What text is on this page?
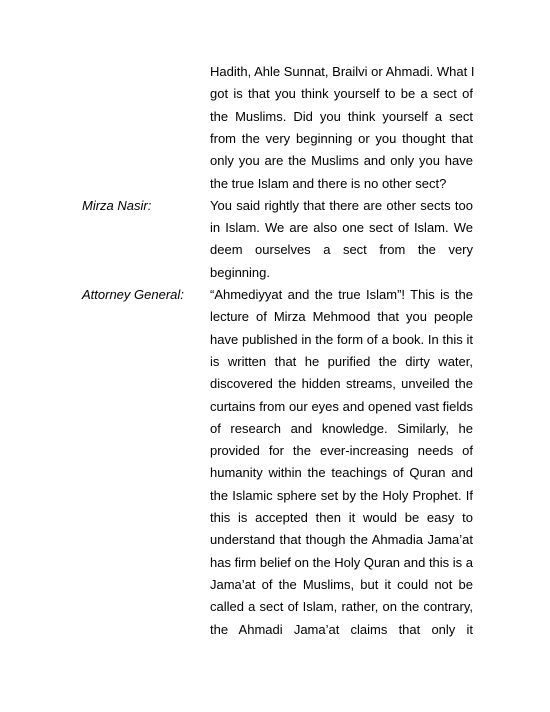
Hadith, Ahle Sunnat, Brailvi or Ahmadi. What I
got is that you think yourself to be a sect of
the Muslims. Did you think yourself a sect
from the very beginning or you thought that
only you are the Muslims and only you have
the true Islam and there is no other sect?
Mirza Nasir:	You said rightly that there are other sects too
in Islam. We are also one sect of Islam. We
deem ourselves a sect from the very
beginning.
Attorney General: “Ahmediyyat and the true Islam”! This is the
lecture of Mirza Mehmood that you people
have published in the form of a book. In this it
is written that he purified the dirty water,
discovered the hidden streams, unveiled the
curtains from our eyes and opened vast fields
of research and knowledge. Similarly, he
provided for the ever-increasing needs of
humanity within the teachings of Quran and
the Islamic sphere set by the Holy Prophet. If
this is accepted then it would be easy to
understand that though the Ahmadia Jama’at
has firm belief on the Holy Quran and this is a
Jama’at of the Muslims, but it could not be
called a sect of Islam, rather, on the contrary,
the Ahmadi Jama’at claims that only it
